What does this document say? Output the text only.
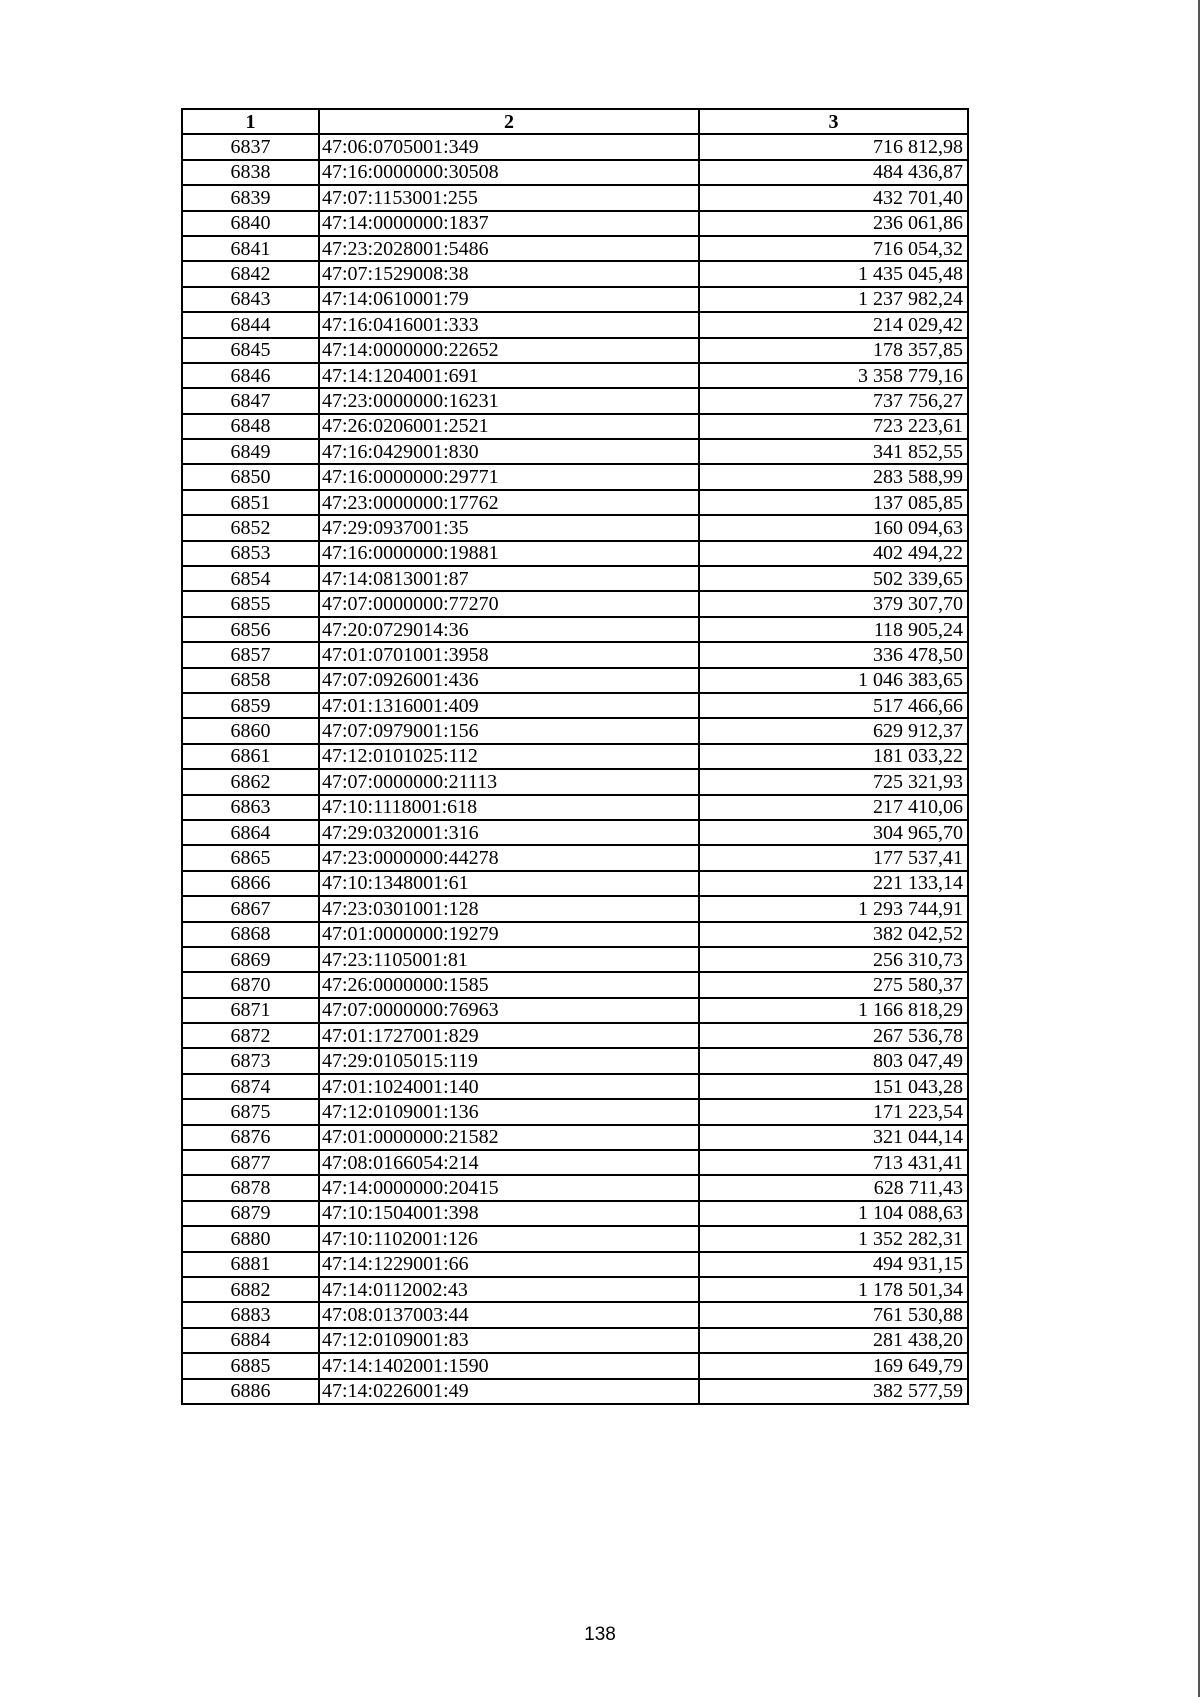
1	2	3
6837	47:06:0705001:349	716 812,98
6838	47:16:0000000:30508	484 436,87
6839	47:07:1153001:255	432 701,40
6840	47:14:0000000:1837	236 061,86
6841	47:23:2028001:5486	716 054,32
6842	47:07:1529008:38	1 435 045,48
6843	47:14:0610001:79	1 237 982,24
6844	47:16:0416001:333	214 029,42
6845	47:14:0000000:22652	178 357,85
6846	47:14:1204001:691	3 358 779,16
6847	47:23:0000000:16231	737 756,27
6848	47:26:0206001:2521	723 223,61
6849	47:16:0429001:830	341 852,55
6850	47:16:0000000:29771	283 588,99
6851	47:23:0000000:17762	137 085,85
6852	47:29:0937001:35	160 094,63
6853	47:16:0000000:19881	402 494,22
6854	47:14:0813001:87	502 339,65
6855	47:07:0000000:77270	379 307,70
6856	47:20:0729014:36	118 905,24
6857	47:01:0701001:3958	336 478,50
6858	47:07:0926001:436	1 046 383,65
6859	47:01:1316001:409	517 466,66
6860	47:07:0979001:156	629 912,37
6861	47:12:0101025:112	181 033,22
6862	47:07:0000000:21113	725 321,93
6863	47:10:1118001:618	217 410,06
6864	47:29:0320001:316	304 965,70
6865	47:23:0000000:44278	177 537,41
6866	47:10:1348001:61	221 133,14
6867	47:23:0301001:128	1 293 744,91
6868	47:01:0000000:19279	382 042,52
6869	47:23:1105001:81	256 310,73
6870	47:26:0000000:1585	275 580,37
6871	47:07:0000000:76963	1 166 818,29
6872	47:01:1727001:829	267 536,78
6873	47:29:0105015:119	803 047,49
6874	47:01:1024001:140	151 043,28
6875	47:12:0109001:136	171 223,54
6876	47:01:0000000:21582	321 044,14
6877	47:08:0166054:214	713 431,41
6878	47:14:0000000:20415	628 711,43
6879	47:10:1504001:398	1 104 088,63
6880	47:10:1102001:126	1 352 282,31
6881	47:14:1229001:66	494 931,15
6882	47:14:0112002:43	1 178 501,34
6883	47:08:0137003:44	761 530,88
6884	47:12:0109001:83	281 438,20
6885	47:14:1402001:1590	169 649,79
6886	47:14:0226001:49	382 577,59
138
